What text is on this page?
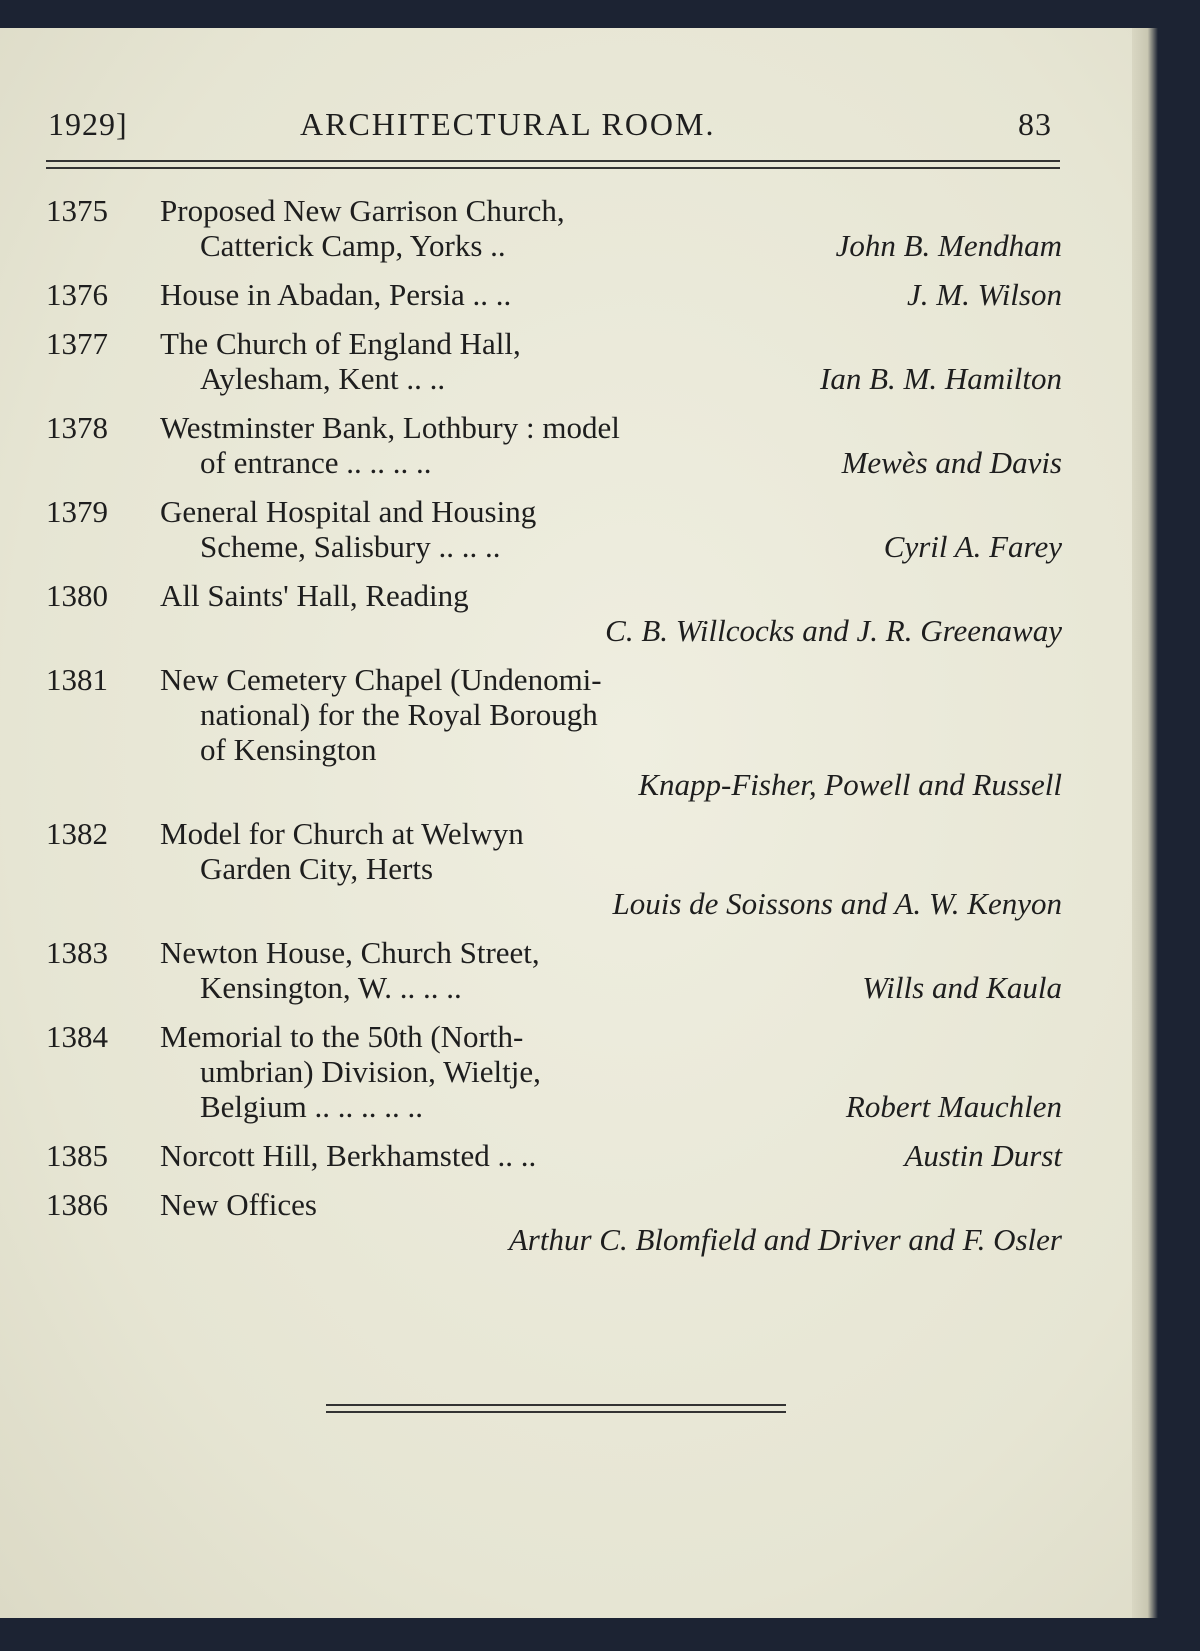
1929]	ARCHITECTURAL ROOM.	83
1375	Proposed New Garrison Church,
Catterick Camp, Yorks ..	John B. Mendham
1376	House in Abadan, Persia .. ..	J. M. Wilson
1377	The Church of England Hall,
Aylesham, Kent .. ..	Ian B. M. Hamilton
1378	Westminster Bank, Lothbury : model
of entrance .. .. .. ..	Mewès and Davis
1379	General Hospital and Housing
Scheme, Salisbury .. .. ..	Cyril A. Farey
1380	All Saints' Hall, Reading
C. B. Willcocks and J. R. Greenaway
1381	New Cemetery Chapel (Undenomi-
national) for the Royal Borough
of Kensington
Knapp-Fisher, Powell and Russell
1382	Model for Church at Welwyn
Garden City, Herts
Louis de Soissons and A. W. Kenyon
1383	Newton House, Church Street,
Kensington, W. .. .. ..	Wills and Kaula
1384	Memorial to the 50th (North-
umbrian) Division, Wieltje,
Belgium .. .. .. .. ..	Robert Mauchlen
1385	Norcott Hill, Berkhamsted .. ..	Austin Durst
1386	New Offices
Arthur C. Blomfield and Driver and F. Osler
